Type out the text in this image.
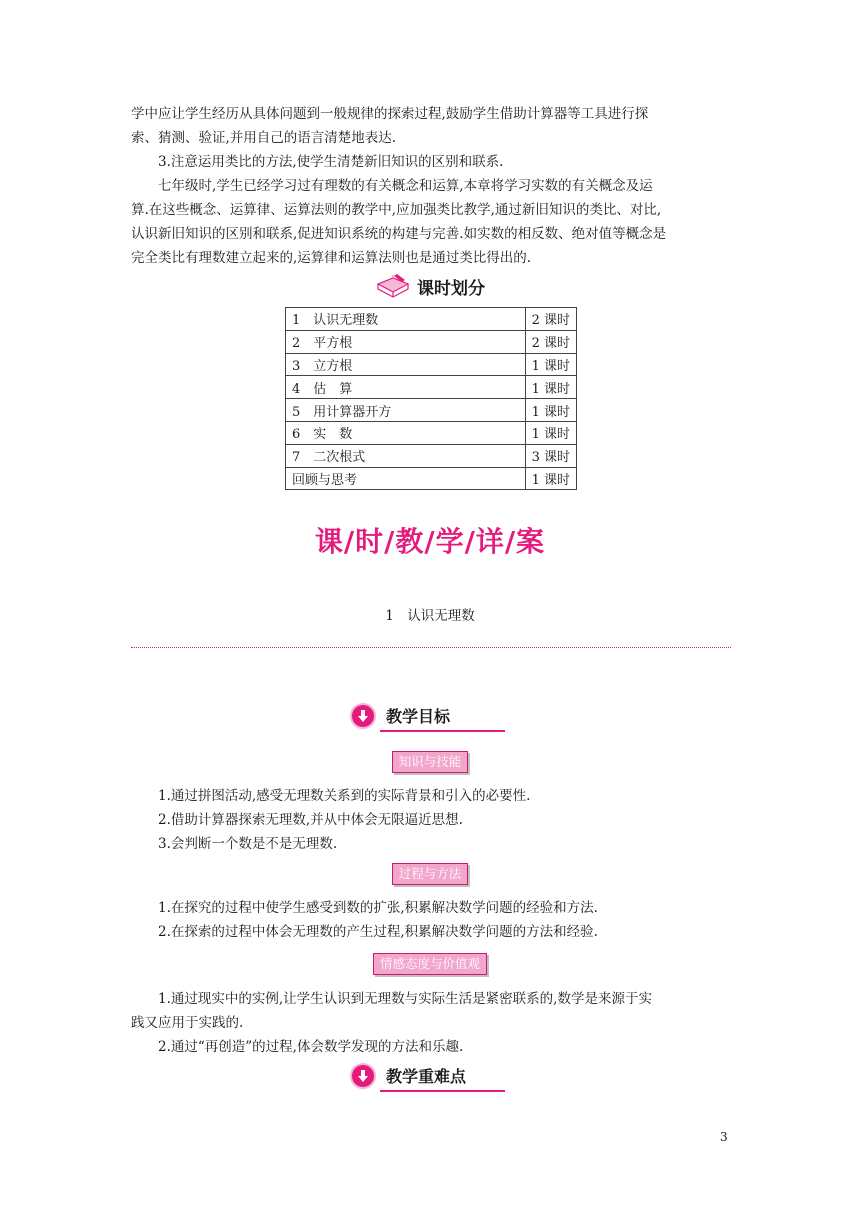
学中应让学生经历从具体问题到一般规律的探索过程,鼓励学生借助计算器等工具进行探

索、猜测、验证,并用自己的语言清楚地表达.

3.注意运用类比的方法,使学生清楚新旧知识的区别和联系.

七年级时,学生已经学习过有理数的有关概念和运算,本章将学习实数的有关概念及运

算.在这些概念、运算律、运算法则的教学中,应加强类比教学,通过新旧知识的类比、对比,

认识新旧知识的区别和联系,促进知识系统的构建与完善.如实数的相反数、绝对值等概念是

完全类比有理数建立起来的,运算律和运算法则也是通过类比得出的.

课时划分
1　认识无理数	2 课时
2　平方根	2 课时
3　立方根	1 课时
4　估　算	1 课时
5　用计算器开方	1 课时
6　实　数	1 课时
7　二次根式	3 课时
回顾与思考	1 课时
课/时/教/学/详/案
1　认识无理数
教学目标
知识与技能

1.通过拼图活动,感受无理数关系到的实际背景和引入的必要性.

2.借助计算器探索无理数,并从中体会无限逼近思想.

3.会判断一个数是不是无理数.

过程与方法

1.在探究的过程中使学生感受到数的扩张,积累解决数学问题的经验和方法.

2.在探索的过程中体会无理数的产生过程,积累解决数学问题的方法和经验.

情感态度与价值观

1.通过现实中的实例,让学生认识到无理数与实际生活是紧密联系的,数学是来源于实

践又应用于实践的.

2.通过“再创造”的过程,体会数学发现的方法和乐趣.

教学重难点
3
